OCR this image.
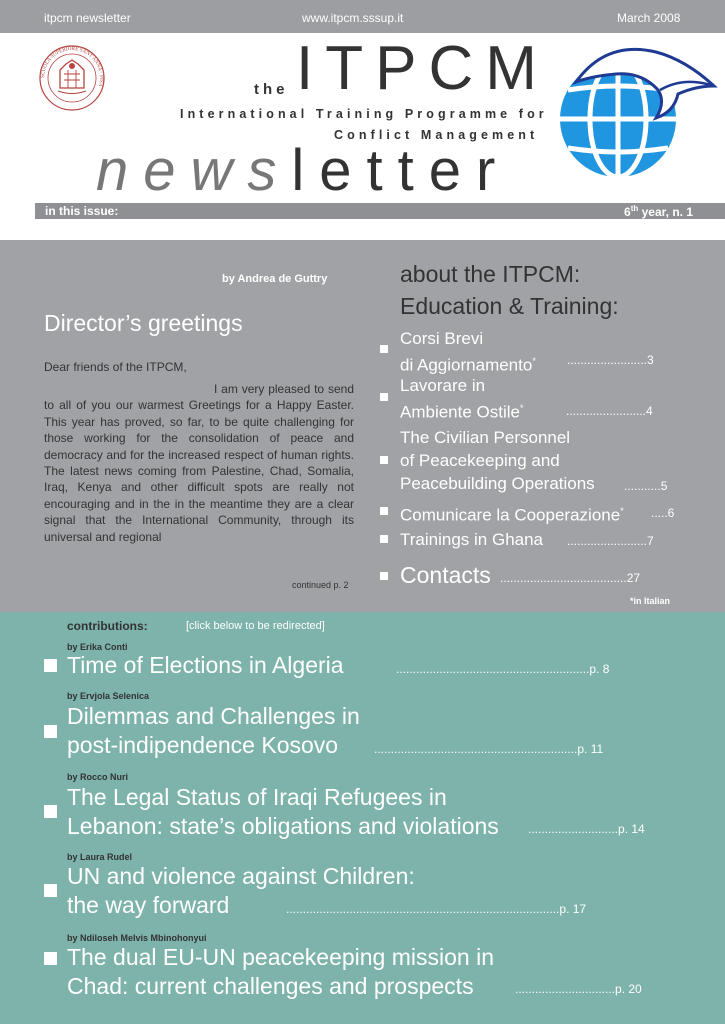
itpcm newsletter	www.itpcm.sssup.it	March 2008
SCUOLA SUPERIORE SANT'ANNA · PISA	the ITPCM
International Training Programme for
Conflict Management
newsletter
in this issue:	6th year, n. 1
by Andrea de Guttry
Director’s greetings
Dear friends of the ITPCM,
I am very pleased to send to all of you our warmest Greetings for a Happy Easter. This year has proved, so far, to be quite challenging for those working for the consolidation of peace and democracy and for the increased respect of human rights. The latest news coming from Palestine, Chad, Somalia, Iraq, Kenya and other difficult spots are really not encouraging and in the in the meantime they are a clear signal that the International Community, through its universal and regional
continued p. 2
about the ITPCM:
Education & Training:
Corsi Brevi
di Aggiornamento*	........................3
Lavorare in
Ambiente Ostile*	........................4
The Civilian Personnel
of Peacekeeping and
Peacebuilding Operations ...........5
Comunicare la Cooperazione* .....6
Trainings in Ghana ........................7
Contacts ......................................27
*in Italian
contributions:	[click below to be redirected]
by Erika Conti
Time of Elections in Algeria	..........................................................p. 8
by Ervjola Selenica
Dilemmas and Challenges in
post-indipendence Kosovo	.............................................................p. 11
by Rocco Nuri
The Legal Status of Iraqi Refugees in
Lebanon: state’s obligations and violations ...........................p. 14
by Laura Rudel
UN and violence against Children:
the way forward	..................................................................................p. 17
by Ndiloseh Melvis Mbinohonyui
The dual EU-UN peacekeeping mission in
Chad: current challenges and prospects	..............................p. 20
